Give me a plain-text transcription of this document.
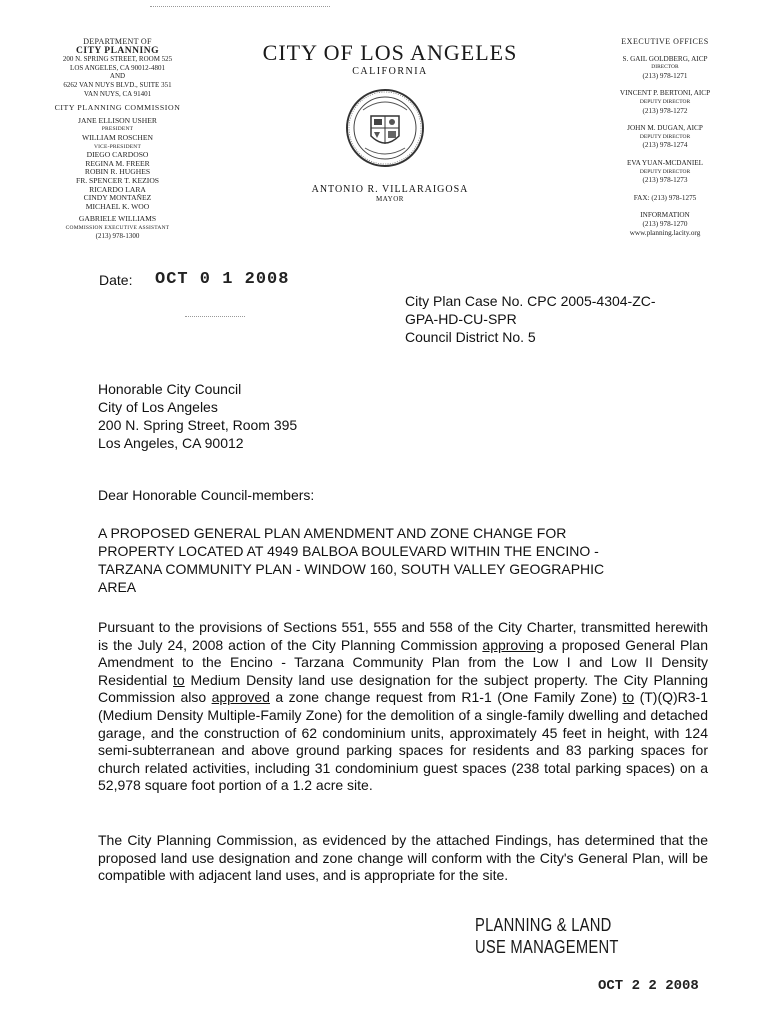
DEPARTMENT OF
CITY PLANNING
200 N. SPRING STREET, ROOM 525
LOS ANGELES, CA 90012-4801
AND
6262 VAN NUYS BLVD., SUITE 351
VAN NUYS, CA 91401
CITY PLANNING COMMISSION
JANE ELLISON USHER
PRESIDENT
WILLIAM ROSCHEN
VICE-PRESIDENT
DIEGO CARDOSO
REGINA M. FREER
ROBIN R. HUGHES
FR. SPENCER T. KEZIOS
RICARDO LARA
CINDY MONTAÑEZ
MICHAEL K. WOO
GABRIELE WILLIAMS
COMMISSION EXECUTIVE ASSISTANT
(213) 978-1300
CITY OF LOS ANGELES
CALIFORNIA
ANTONIO R. VILLARAIGOSA
MAYOR
EXECUTIVE OFFICES
S. GAIL GOLDBERG, AICP
DIRECTOR
(213) 978-1271
VINCENT P. BERTONI, AICP
DEPUTY DIRECTOR
(213) 978-1272
JOHN M. DUGAN, AICP
DEPUTY DIRECTOR
(213) 978-1274
EVA YUAN-MCDANIEL
DEPUTY DIRECTOR
(213) 978-1273
FAX: (213) 978-1275
INFORMATION
(213) 978-1270
www.planning.lacity.org
Date: OCT 0 1 2008
City Plan Case No. CPC 2005-4304-ZC-
GPA-HD-CU-SPR
Council District No. 5
Honorable City Council
City of Los Angeles
200 N. Spring Street, Room 395
Los Angeles, CA 90012
Dear Honorable Council-members:
A PROPOSED GENERAL PLAN AMENDMENT AND ZONE CHANGE FOR
PROPERTY LOCATED AT 4949 BALBOA BOULEVARD WITHIN THE ENCINO -
TARZANA COMMUNITY PLAN - WINDOW 160, SOUTH VALLEY GEOGRAPHIC
AREA
Pursuant to the provisions of Sections 551, 555 and 558 of the City Charter, transmitted herewith is the July 24, 2008 action of the City Planning Commission approving a proposed General Plan Amendment to the Encino - Tarzana Community Plan from the Low I and Low II Density Residential to Medium Density land use designation for the subject property. The City Planning Commission also approved a zone change request from R1-1 (One Family Zone) to (T)(Q)R3-1 (Medium Density Multiple-Family Zone) for the demolition of a single-family dwelling and detached garage, and the construction of 62 condominium units, approximately 45 feet in height, with 124 semi-subterranean and above ground parking spaces for residents and 83 parking spaces for church related activities, including 31 condominium guest spaces (238 total parking spaces) on a 52,978 square foot portion of a 1.2 acre site.
The City Planning Commission, as evidenced by the attached Findings, has determined that the proposed land use designation and zone change will conform with the City's General Plan, will be compatible with adjacent land uses, and is appropriate for the site.
PLANNING & LAND
USE MANAGEMENT
OCT 2 2 2008
